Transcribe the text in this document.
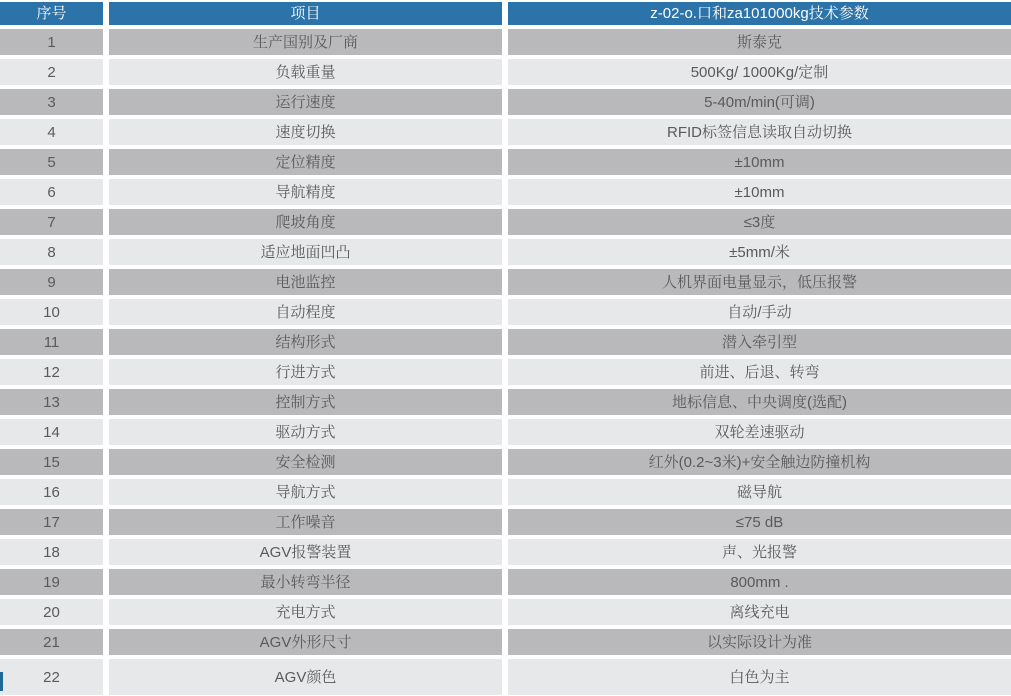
序号	项目	z-02-o.口和za101000kg技术参数
1	生产国别及厂商	斯泰克
2	负载重量	500Kg/ 1000Kg/定制
3	运行速度	5-40m/min(可调)
4	速度切换	RFID标签信息读取自动切换
5	定位精度	±10mm
6	导航精度	±10mm
7	爬坡角度	≤3度
8	适应地面凹凸	±5mm/米
9	电池监控	人机界面电量显示，低压报警
10	自动程度	自动/手动
11	结构形式	潜入牵引型
12	行进方式	前进、后退、转弯
13	控制方式	地标信息、中央调度(选配)
14	驱动方式	双轮差速驱动
15	安全检测	红外(0.2~3米)+安全触边防撞机构
16	导航方式	磁导航
17	工作噪音	≤75 dB
18	AGV报警装置	声、光报警
19	最小转弯半径	800mm .
20	充电方式	离线充电
21	AGV外形尺寸	以实际设计为准
22	AGV颜色	白色为主
